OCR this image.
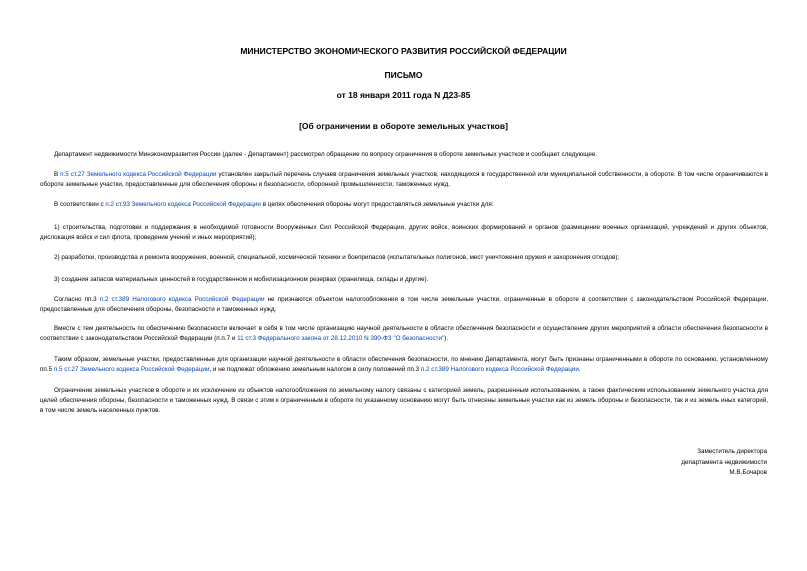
МИНИСТЕРСТВО ЭКОНОМИЧЕСКОГО РАЗВИТИЯ РОССИЙСКОЙ ФЕДЕРАЦИИ
ПИСЬМО
от 18 января 2011 года N Д23-85
[Об ограничении в обороте земельных участков]
Департамент недвижимости Минэкономразвития России (далее - Департамент) рассмотрел обращение по вопросу ограничения в обороте земельных участков и сообщает следующее.
В п.5 ст.27 Земельного кодекса Российской Федерации установлен закрытый перечень случаев ограничения земельных участков, находящихся в государственной или муниципальной собственности, в обороте. В том числе ограничиваются в обороте земельные участки, предоставленные для обеспечения обороны и безопасности, оборонной промышленности, таможенных нужд.
В соответствии с п.2 ст.93 Земельного кодекса Российской Федерации в целях обеспечения обороны могут предоставляться земельные участки для:
1) строительства, подготовки и поддержания в необходимой готовности Вооруженных Сил Российской Федерации, других войск, воинских формирований и органов (размещение военных организаций, учреждений и других объектов, дислокация войск и сил флота, проведение учений и иных мероприятий);
2) разработки, производства и ремонта вооружения, военной, специальной, космической техники и боеприпасов (испытательных полигонов, мест уничтожения оружия и захоронения отходов);
3) создания запасов материальных ценностей в государственном и мобилизационном резервах (хранилища, склады и другие).
Согласно пп.3 п.2 ст.389 Налогового кодекса Российской Федерации не признаются объектом налогообложения в том числе земельные участки, ограниченные в обороте в соответствии с законодательством Российской Федерации, предоставленные для обеспечения обороны, безопасности и таможенных нужд.
Вместе с тем деятельность по обеспечению безопасности включает в себя в том числе организацию научной деятельности в области обеспечения безопасности и осуществление других мероприятий в области обеспечения безопасности в соответствии с законодательством Российской Федерации (п.п.7 и 11 ст.3 Федерального закона от 28.12.2010 N 390-ФЗ "О безопасности").
Таким образом, земельные участки, предоставленные для организации научной деятельности в области обеспечения безопасности, по мнению Департамента, могут быть признаны ограниченными в обороте по основанию, установленному пп.5 п.5 ст.27 Земельного кодекса Российской Федерации, и не подлежат обложению земельным налогом в силу положений пп.3 п.2 ст.389 Налогового кодекса Российской Федерации.
Ограничение земельных участков в обороте и их исключение из объектов налогообложения по земельному налогу связаны с категорией земель, разрешенным использованием, а также фактическим использованием земельного участка для целей обеспечения обороны, безопасности и таможенных нужд. В связи с этим к ограниченным в обороте по указанному основанию могут быть отнесены земельные участки как из земель обороны и безопасности, так и из земель иных категорий, в том числе земель населенных пунктов.
Заместитель директора
департамента недвижимости
М.В.Бочаров
